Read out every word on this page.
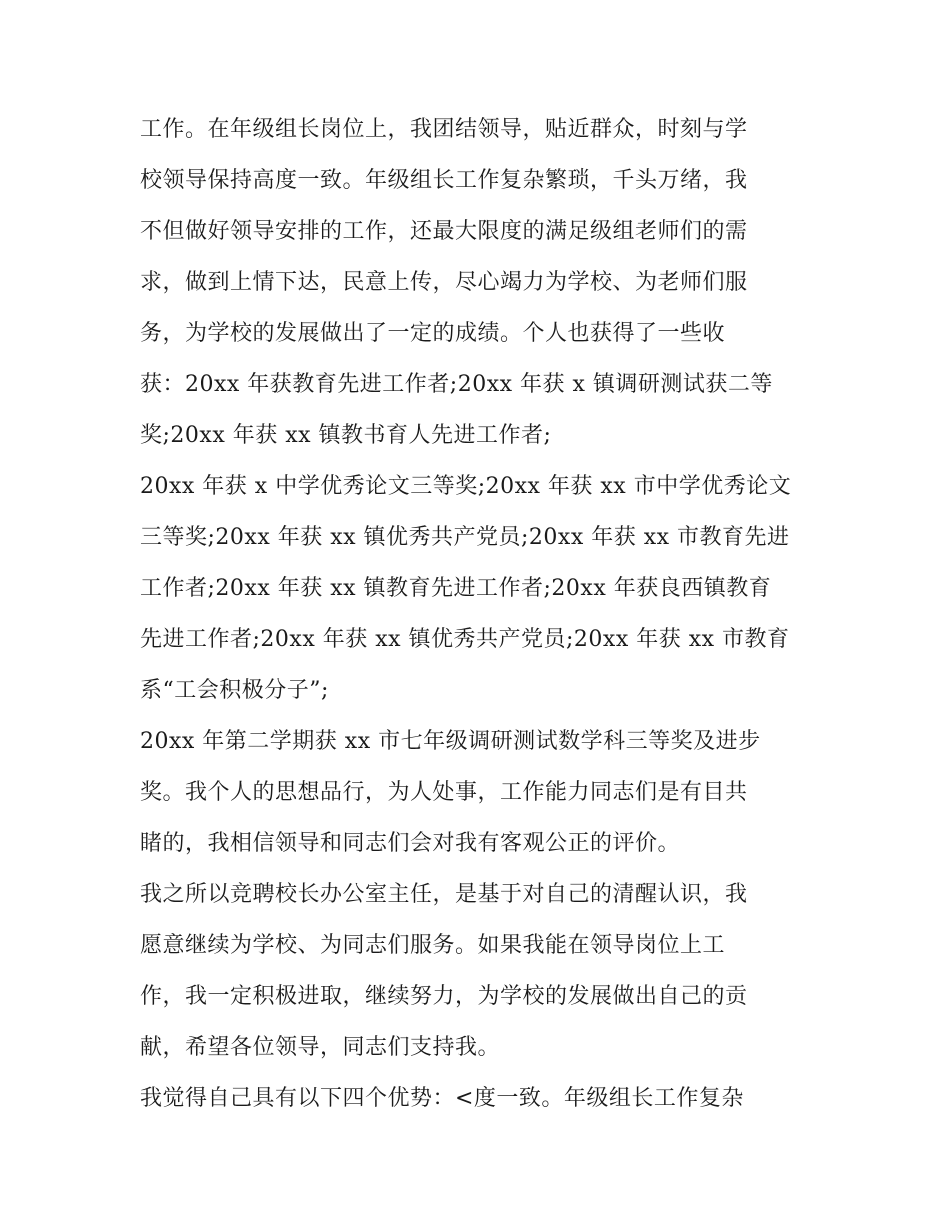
工作。在年级组长岗位上，我团结领导，贴近群众，时刻与学
校领导保持高度一致。年级组长工作复杂繁琐，千头万绪，我
不但做好领导安排的工作，还最大限度的满足级组老师们的需
求，做到上情下达，民意上传，尽心竭力为学校、为老师们服
务，为学校的发展做出了一定的成绩。个人也获得了一些收
获：20xx 年获教育先进工作者;20xx 年获 x 镇调研测试获二等
奖;20xx 年获 xx 镇教书育人先进工作者;
20xx 年获 x 中学优秀论文三等奖;20xx 年获 xx 市中学优秀论文
三等奖;20xx 年获 xx 镇优秀共产党员;20xx 年获 xx 市教育先进
工作者;20xx 年获 xx 镇教育先进工作者;20xx 年获良西镇教育
先进工作者;20xx 年获 xx 镇优秀共产党员;20xx 年获 xx 市教育
系“工会积极分子”;
20xx 年第二学期获 xx 市七年级调研测试数学科三等奖及进步
奖。我个人的思想品行，为人处事，工作能力同志们是有目共
睹的，我相信领导和同志们会对我有客观公正的评价。
我之所以竞聘校长办公室主任，是基于对自己的清醒认识，我
愿意继续为学校、为同志们服务。如果我能在领导岗位上工
作，我一定积极进取，继续努力，为学校的发展做出自己的贡
献，希望各位领导，同志们支持我。
我觉得自己具有以下四个优势：<度一致。年级组长工作复杂
